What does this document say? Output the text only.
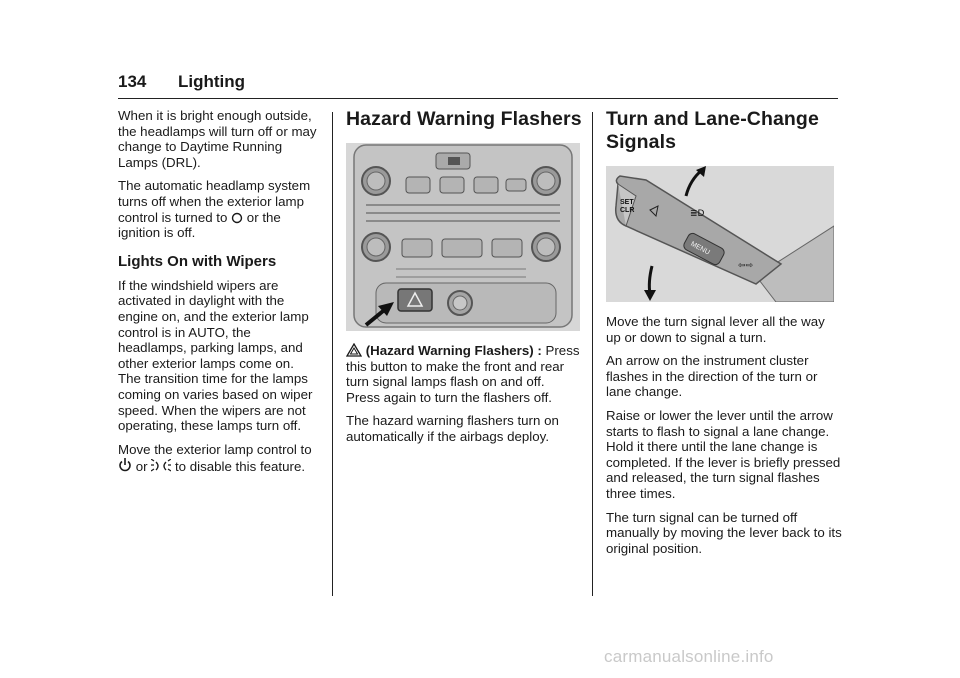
134 Lighting

When it is bright enough outside, the headlamps will turn off or may change to Daytime Running Lamps (DRL).

The automatic headlamp system turns off when the exterior lamp control is turned to or the ignition is off.

Lights On with Wipers

If the windshield wipers are activated in daylight with the engine on, and the exterior lamp control is in AUTO, the headlamps, parking lamps, and other exterior lamps come on. The transition time for the lamps coming on varies based on wiper speed. When the wipers are not operating, these lamps turn off.

Move the exterior lamp control to  or to disable this feature.

Hazard Warning Flashers

(Hazard Warning Flashers) : Press this button to make the front and rear turn signal lamps flash on and off. Press again to turn the flashers off.

The hazard warning flashers turn on automatically if the airbags deploy.

Turn and Lane-Change Signals
MENU
SET
CLR	≣D
⇦⇨

Move the turn signal lever all the way up or down to signal a turn.

An arrow on the instrument cluster flashes in the direction of the turn or lane change.

Raise or lower the lever until the arrow starts to flash to signal a lane change. Hold it there until the lane change is completed. If the lever is briefly pressed and released, the turn signal flashes three times.

The turn signal can be turned off manually by moving the lever back to its original position.

carmanualsonline.info
